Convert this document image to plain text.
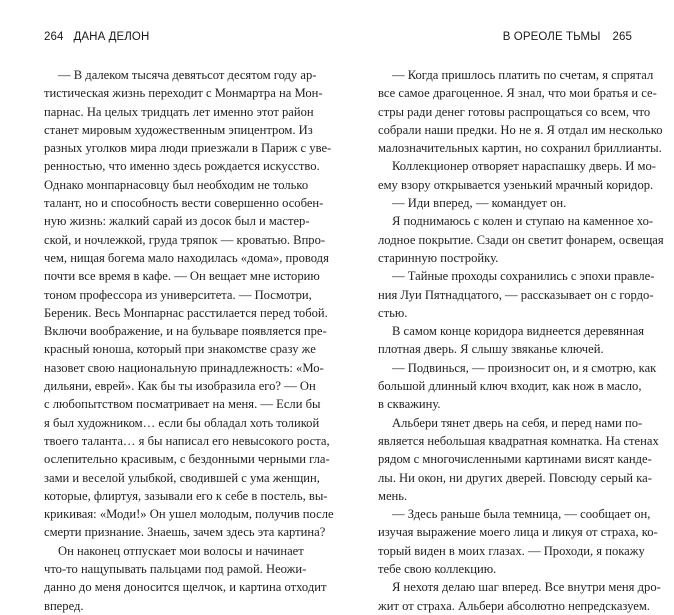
264 ДАНА ДЕЛОН

— В далеком тысяча девятьсот десятом году ар-
тистическая жизнь переходит с Монмартра на Мон-
парнас. На целых тридцать лет именно этот район
станет мировым художественным эпицентром. Из
разных уголков мира люди приезжали в Париж с уве-
ренностью, что именно здесь рождается искусство.
Однако монпарнасовцу был необходим не только
талант, но и способность вести совершенно особен-
ную жизнь: жалкий сарай из досок был и мастер-
ской, и ночлежкой, груда тряпок — кроватью. Впро-
чем, нищая богема мало находилась «дома», проводя
почти все время в кафе. — Он вещает мне историю
тоном профессора из университета. — Посмотри,
Береник. Весь Монпарнас расстилается перед тобой.
Включи воображение, и на бульваре появляется пре-
красный юноша, который при знакомстве сразу же
назовет свою национальную принадлежность: «Мо-
дильяни, еврей». Как бы ты изобразила его? — Он
с любопытством посматривает на меня. — Если бы
я был художником… если бы обладал хоть толикой
твоего таланта… я бы написал его невысокого роста,
ослепительно красивым, с бездонными черными гла-
зами и веселой улыбкой, сводившей с ума женщин,
которые, флиртуя, зазывали его к себе в постель, вы-
крикивая: «Моди!» Он ушел молодым, получив после
смерти признание. Знаешь, зачем здесь эта картина?

Он наконец отпускает мои волосы и начинает
что-то нащупывать пальцами под рамой. Неожи-
данно до меня доносится щелчок, и картина отходит
вперед.

В ОРЕОЛЕ ТЬМЫ 265

— Когда пришлось платить по счетам, я спрятал
все самое драгоценное. Я знал, что мои братья и се-
стры ради денег готовы распрощаться со всем, что
собрали наши предки. Но не я. Я отдал им несколько
малозначительных картин, но сохранил бриллианты.

Коллекционер отворяет нараспашку дверь. И мо-
ему взору открывается узенький мрачный коридор.

— Иди вперед, — командует он.

Я поднимаюсь с колен и ступаю на каменное хо-
лодное покрытие. Сзади он светит фонарем, освещая
старинную постройку.

— Тайные проходы сохранились с эпохи правле-
ния Луи Пятнадцатого, — рассказывает он с гордо-
стью.

В самом конце коридора виднеется деревянная
плотная дверь. Я слышу звяканье ключей.

— Подвинься, — произносит он, и я смотрю, как
большой длинный ключ входит, как нож в масло,
в скважину.

Альбери тянет дверь на себя, и перед нами по-
является небольшая квадратная комнатка. На стенах
рядом с многочисленными картинами висят канде-
лы. Ни окон, ни других дверей. Повсюду серый ка-
мень.

— Здесь раньше была темница, — сообщает он,
изучая выражение моего лица и ликуя от страха, ко-
торый виден в моих глазах. — Проходи, я покажу
тебе свою коллекцию.

Я нехотя делаю шаг вперед. Все внутри меня дро-
жит от страха. Альбери абсолютно непредсказуем.
